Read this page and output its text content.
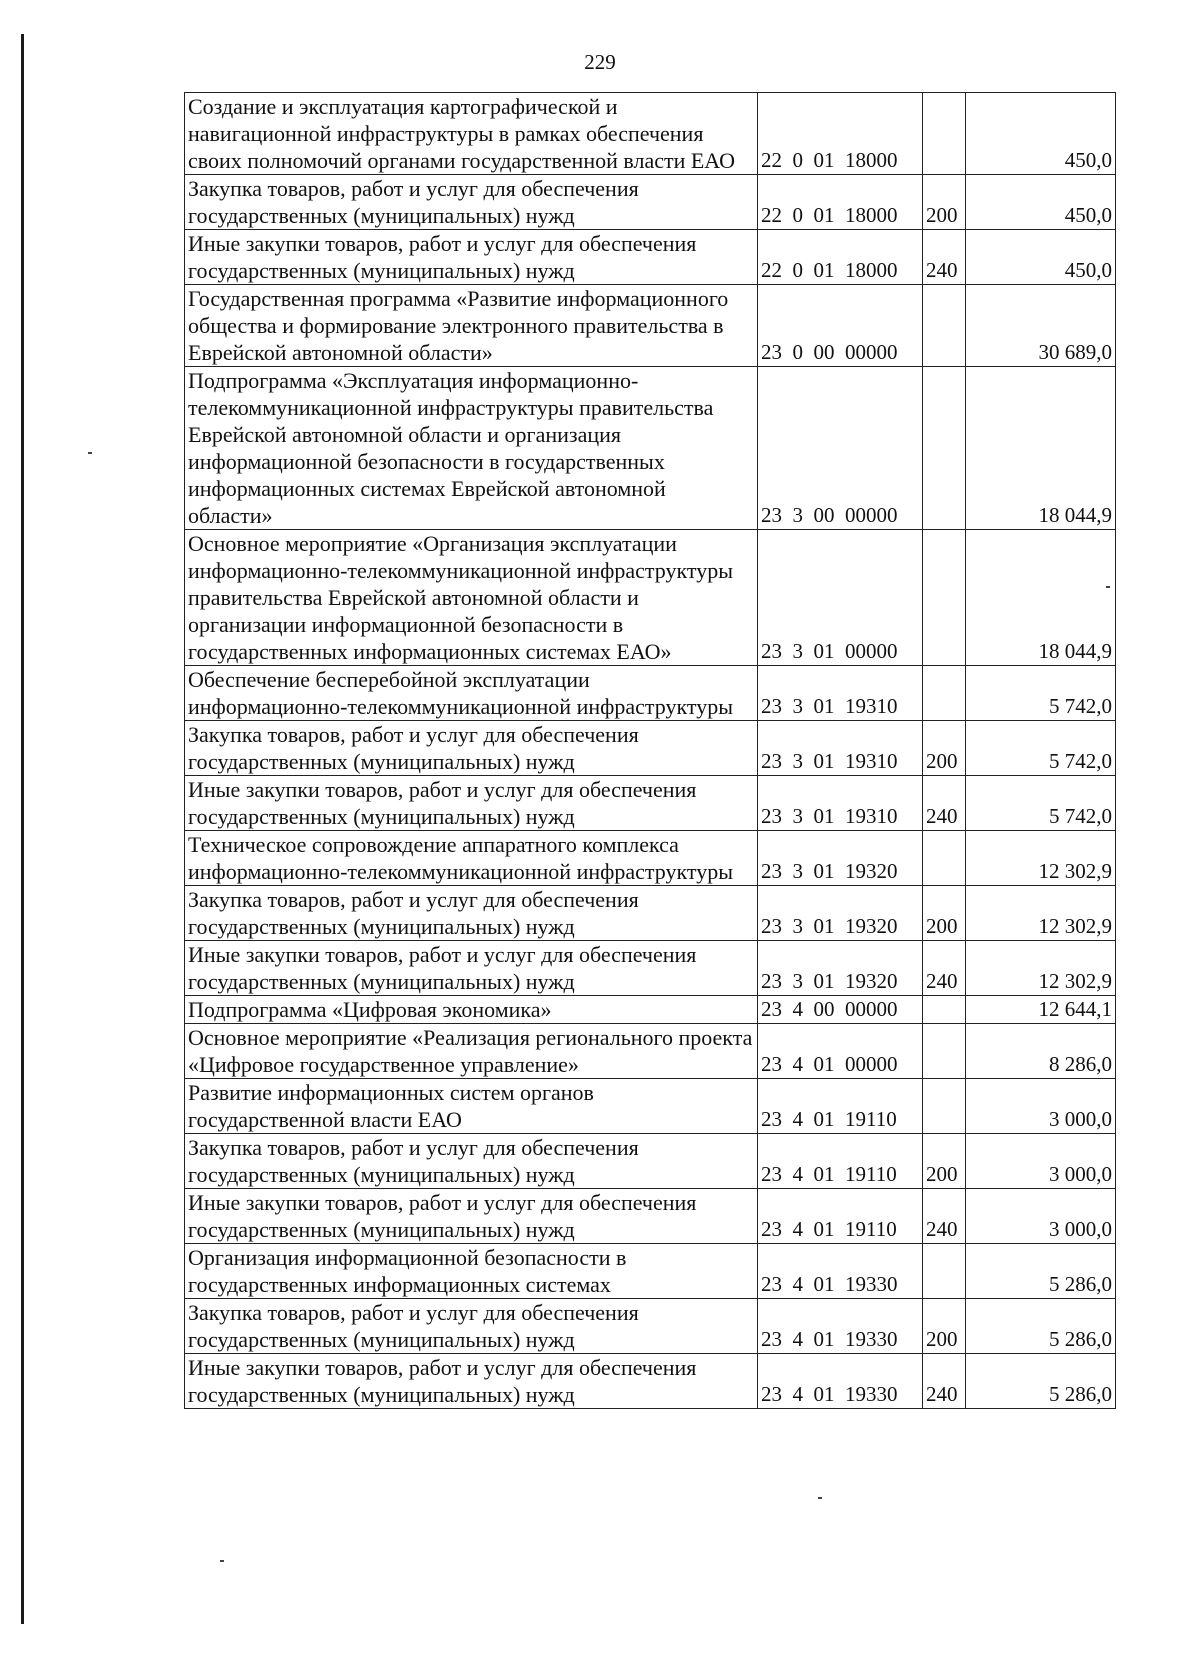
229
Создание и эксплуатация картографической и навигационной инфраструктуры в рамках обеспечения своих полномочий органами государственной власти ЕАО	22  0  01  18000		450,0
Закупка товаров, работ и услуг для обеспечения государственных (муниципальных) нужд	22  0  01  18000	200	450,0
Иные закупки товаров, работ и услуг для обеспечения государственных (муниципальных) нужд	22  0  01  18000	240	450,0
Государственная программа «Развитие информационного общества и формирование электронного правительства в Еврейской автономной области»	23  0  00  00000		30 689,0
Подпрограмма «Эксплуатация информационно-телекоммуникационной инфраструктуры правительства Еврейской автономной области и организация информационной безопасности в государственных информационных системах Еврейской автономной области»	23  3  00  00000		18 044,9
Основное мероприятие «Организация эксплуатации информационно-телекоммуникационной инфраструктуры правительства Еврейской автономной области и организации информационной безопасности в государственных информационных системах ЕАО»	23  3  01  00000		18 044,9
Обеспечение бесперебойной эксплуатации информационно-телекоммуникационной инфраструктуры	23  3  01  19310		5 742,0
Закупка товаров, работ и услуг для обеспечения государственных (муниципальных) нужд	23  3  01  19310	200	5 742,0
Иные закупки товаров, работ и услуг для обеспечения государственных (муниципальных) нужд	23  3  01  19310	240	5 742,0
Техническое сопровождение аппаратного комплекса информационно-телекоммуникационной инфраструктуры	23  3  01  19320		12 302,9
Закупка товаров, работ и услуг для обеспечения государственных (муниципальных) нужд	23  3  01  19320	200	12 302,9
Иные закупки товаров, работ и услуг для обеспечения государственных (муниципальных) нужд	23  3  01  19320	240	12 302,9
Подпрограмма «Цифровая экономика»	23  4  00  00000		12 644,1
Основное мероприятие «Реализация регионального проекта «Цифровое государственное управление»	23  4  01  00000		8 286,0
Развитие информационных систем органов государственной власти ЕАО	23  4  01  19110		3 000,0
Закупка товаров, работ и услуг для обеспечения государственных (муниципальных) нужд	23  4  01  19110	200	3 000,0
Иные закупки товаров, работ и услуг для обеспечения государственных (муниципальных) нужд	23  4  01  19110	240	3 000,0
Организация информационной безопасности в государственных информационных системах	23  4  01  19330		5 286,0
Закупка товаров, работ и услуг для обеспечения государственных (муниципальных) нужд	23  4  01  19330	200	5 286,0
Иные закупки товаров, работ и услуг для обеспечения государственных (муниципальных) нужд	23  4  01  19330	240	5 286,0
